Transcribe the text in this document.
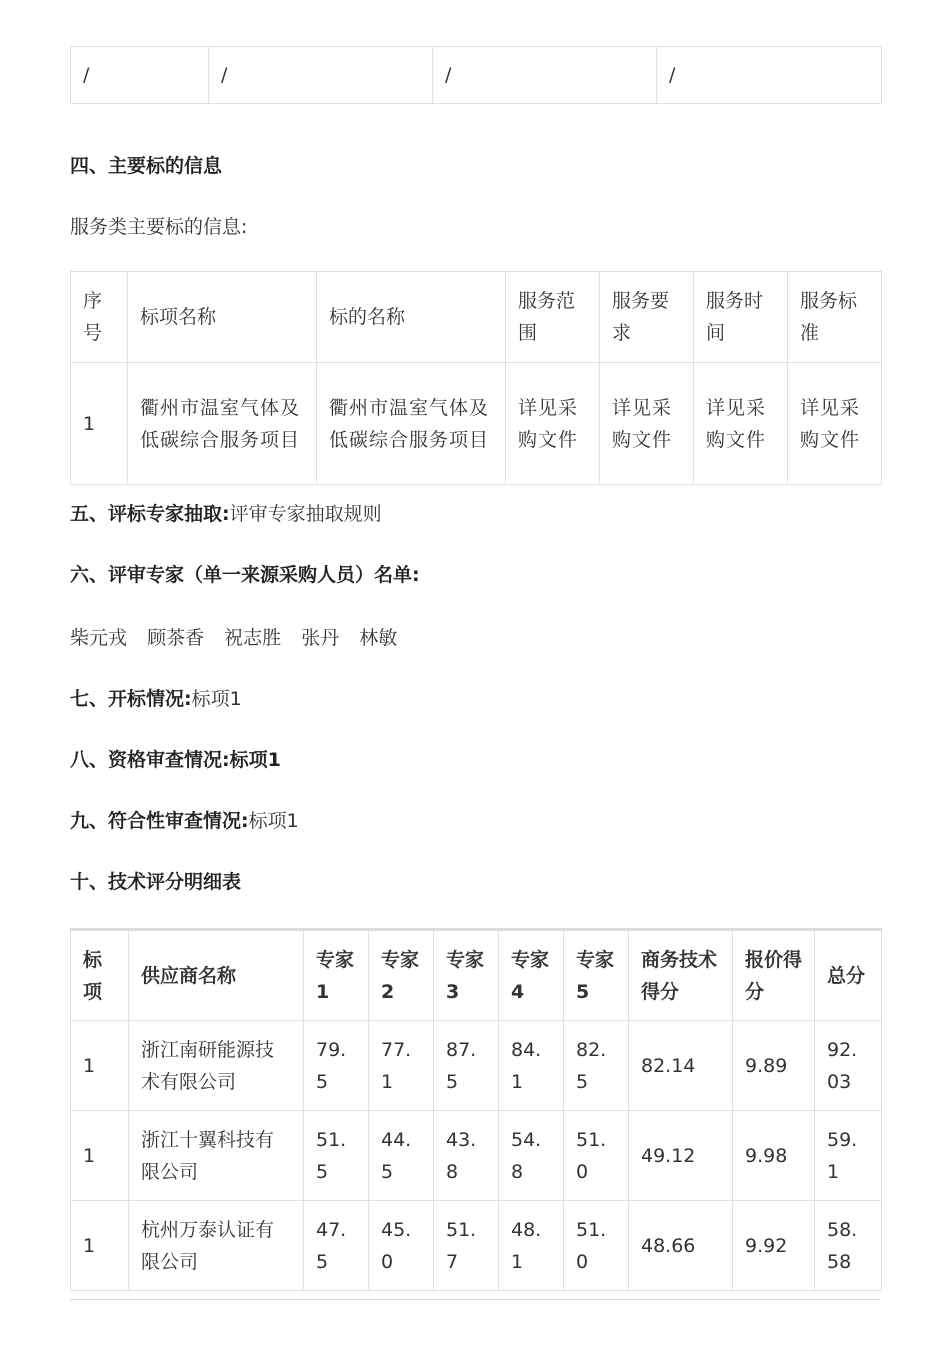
/	/	/	/
四、主要标的信息
服务类主要标的信息:
序号	标项名称	标的名称	服务范围	服务要求	服务时间	服务标准
1	衢州市温室气体及低碳综合服务项目	衢州市温室气体及低碳综合服务项目	详见采购文件	详见采购文件	详见采购文件	详见采购文件
五、评标专家抽取:评审专家抽取规则
六、评审专家（单一来源采购人员）名单:
柴元戎 顾茶香 祝志胜 张丹 林敏
七、开标情况:标项1
八、资格审查情况:标项1
九、符合性审查情况:标项1
十、技术评分明细表
标项	供应商名称	专家1	专家2	专家3	专家4	专家5	商务技术得分	报价得分	总分
1	浙江南研能源技术有限公司	79.5	77.1	87.5	84.1	82.5	82.14	9.89	92.03
1	浙江十翼科技有限公司	51.5	44.5	43.8	54.8	51.0	49.12	9.98	59.1
1	杭州万泰认证有限公司	47.5	45.0	51.7	48.1	51.0	48.66	9.92	58.58
